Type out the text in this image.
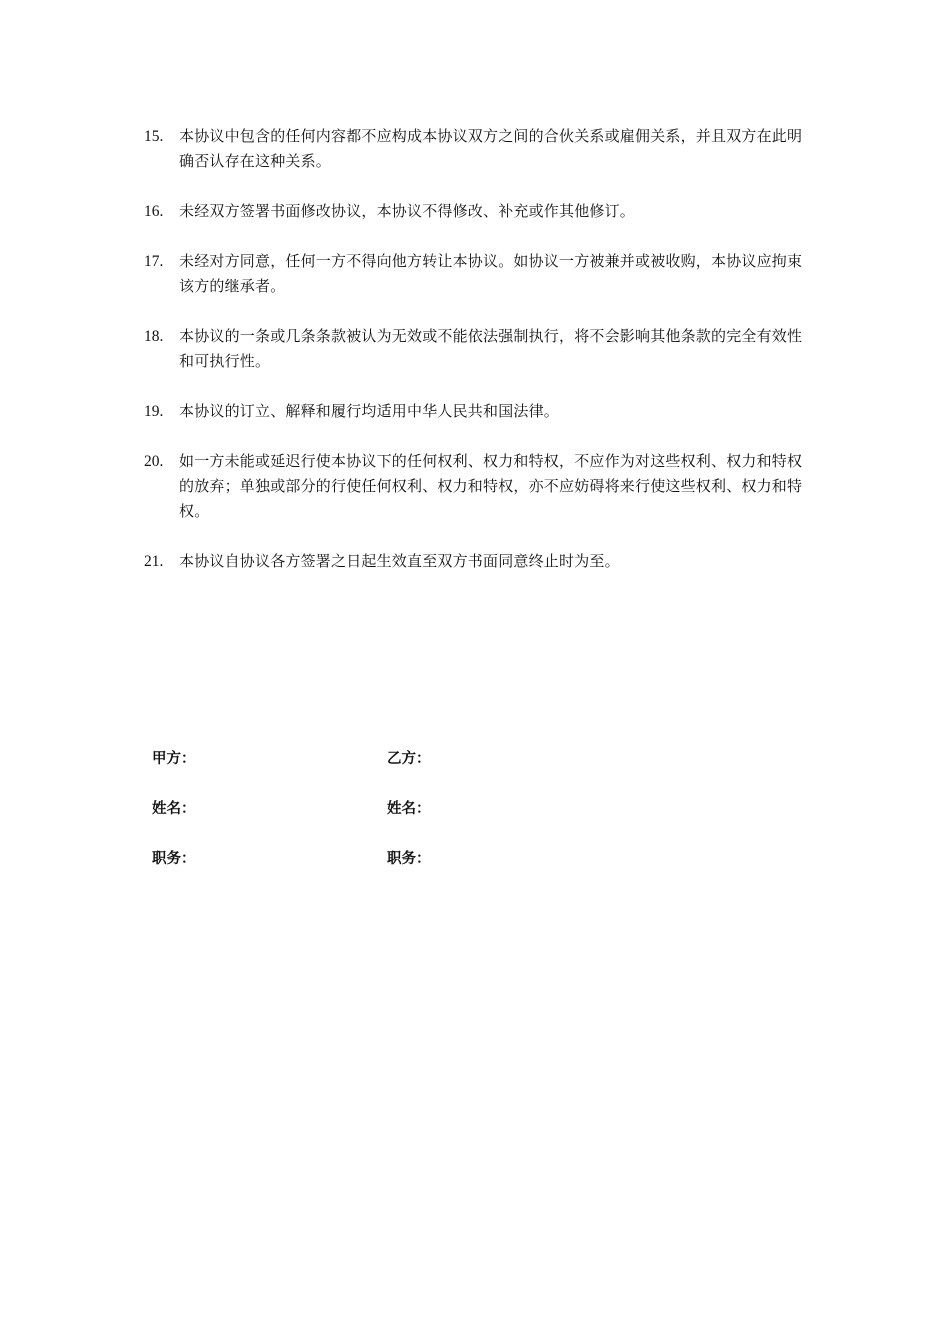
15.	本协议中包含的任何内容都不应构成本协议双方之间的合伙关系或雇佣关系，并且双方在此明确否认存在这种关系。
16.	未经双方签署书面修改协议，本协议不得修改、补充或作其他修订。
17.	未经对方同意，任何一方不得向他方转让本协议。如协议一方被兼并或被收购，本协议应拘束该方的继承者。
18.	本协议的一条或几条条款被认为无效或不能依法强制执行，将不会影响其他条款的完全有效性和可执行性。
19.	本协议的订立、解释和履行均适用中华人民共和国法律。
20.	如一方未能或延迟行使本协议下的任何权利、权力和特权，不应作为对这些权利、权力和特权的放弃；单独或部分的行使任何权利、权力和特权，亦不应妨碍将来行使这些权利、权力和特权。
21.	本协议自协议各方签署之日起生效直至双方书面同意终止时为至。
甲方：	乙方：
姓名：	姓名：
职务：	职务：
